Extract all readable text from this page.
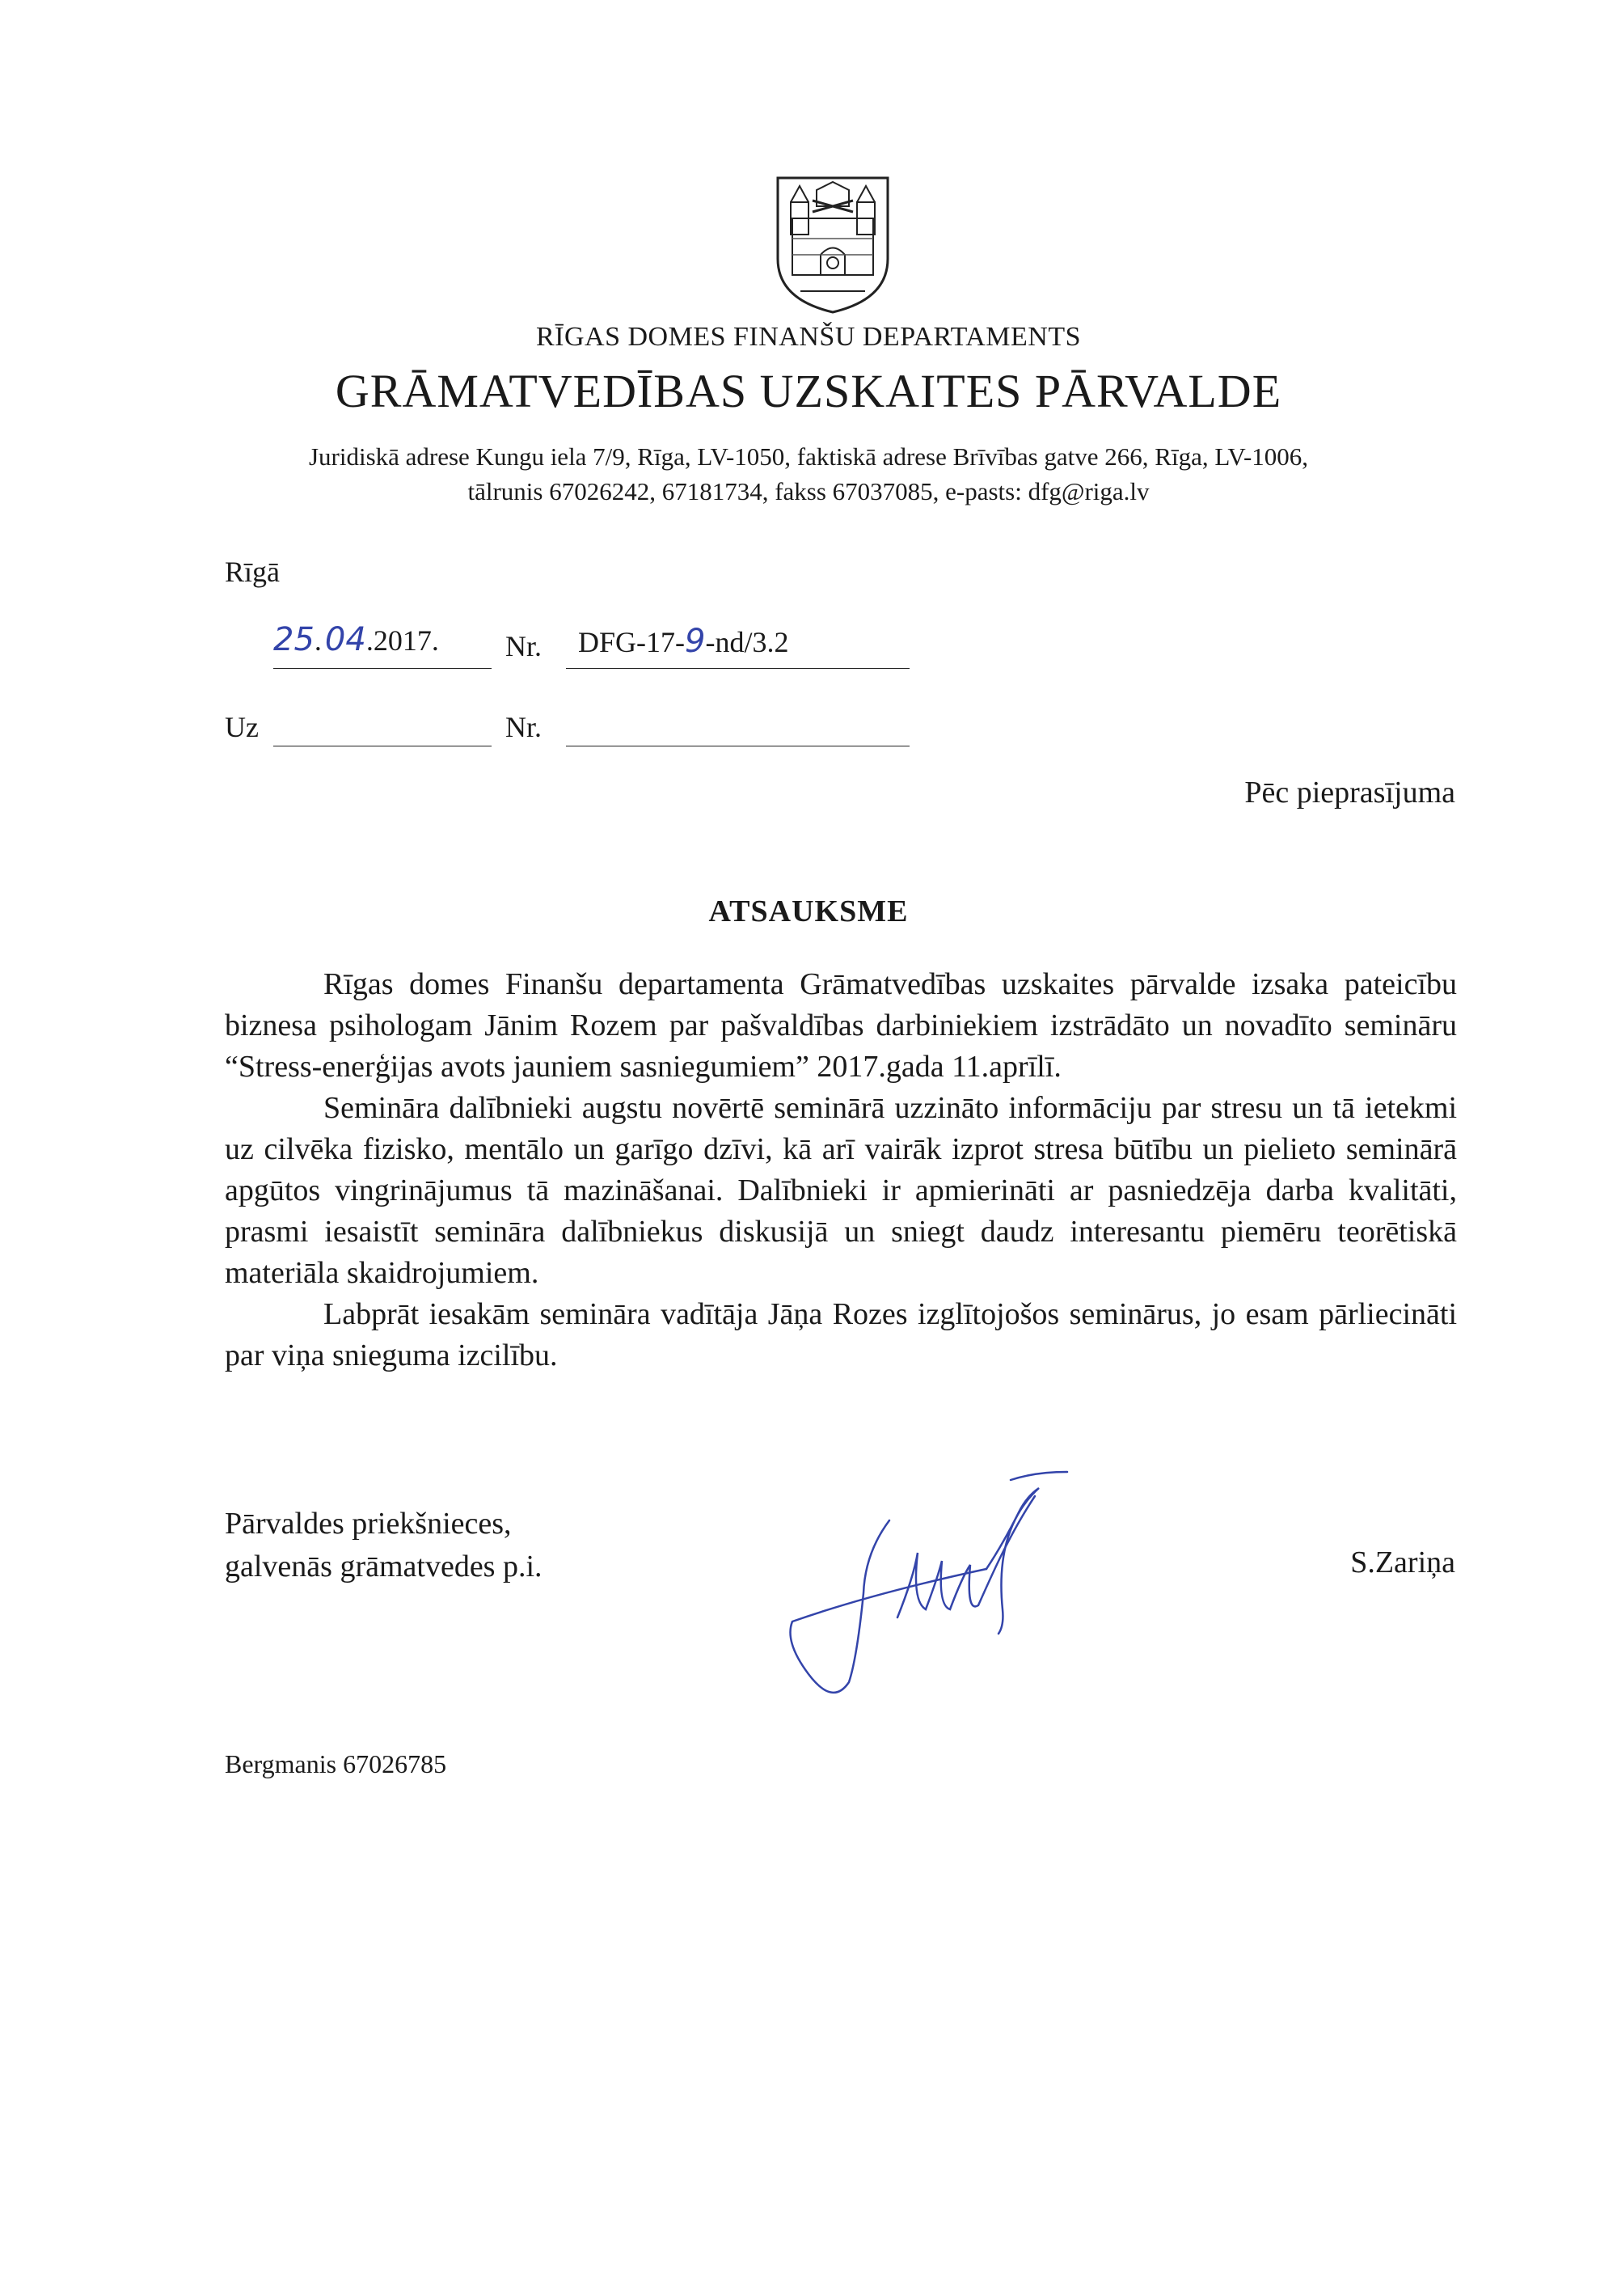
RĪGAS DOMES FINANŠU DEPARTAMENTS
GRĀMATVEDĪBAS UZSKAITES PĀRVALDE
Juridiskā adrese Kungu iela 7/9, Rīga, LV-1050, faktiskā adrese Brīvības gatve 266, Rīga, LV-1006,
tālrunis 67026242, 67181734, fakss 67037085, e-pasts: dfg@riga.lv
Rīgā
25. 04.2017. Nr. DFG-17-9-nd/3.2
Uz	Nr.
Pēc pieprasījuma
ATSAUKSME

Rīgas domes Finanšu departamenta Grāmatvedības uzskaites pārvalde izsaka pateicību biznesa psihologam Jānim Rozem par pašvaldības darbiniekiem izstrādāto un novadīto semināru “Stress-enerģijas avots jauniem sasniegumiem” 2017.gada 11.aprīlī.

Semināra dalībnieki augstu novērtē seminārā uzzināto informāciju par stresu un tā ietekmi uz cilvēka fizisko, mentālo un garīgo dzīvi, kā arī vairāk izprot stresa būtību un pielieto seminārā apgūtos vingrinājumus tā mazināšanai. Dalībnieki ir apmierināti ar pasniedzēja darba kvalitāti, prasmi iesaistīt semināra dalībniekus diskusijā un sniegt daudz interesantu piemēru teorētiskā materiāla skaidrojumiem.

Labprāt iesakām semināra vadītāja Jāņa Rozes izglītojošos seminārus, jo esam pārliecināti par viņa snieguma izcilību.

Pārvaldes priekšnieces,
galvenās grāmatvedes p.i.	S.Zariņa
Bergmanis 67026785
